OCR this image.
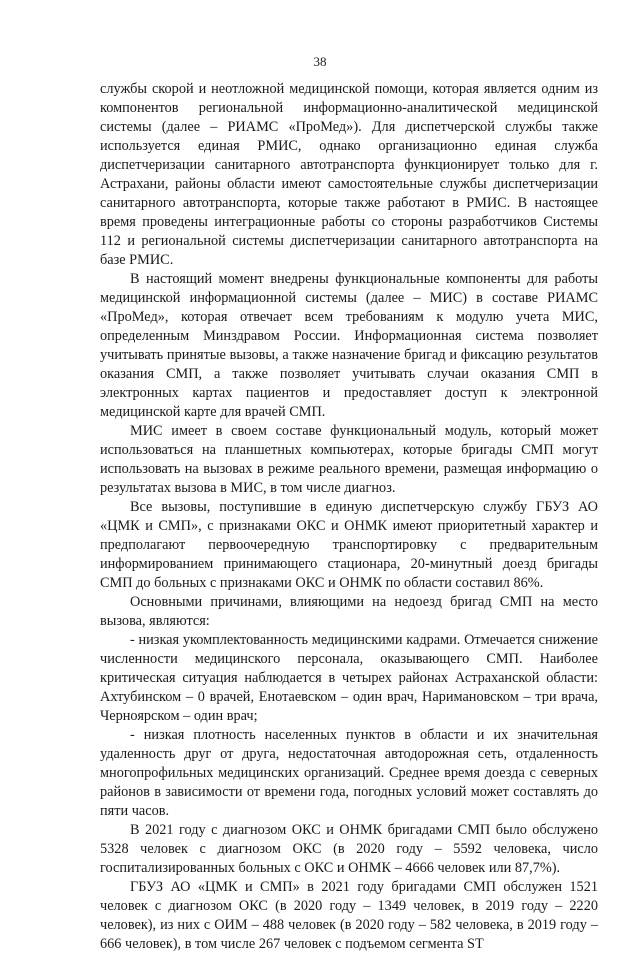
38

службы скорой и неотложной медицинской помощи, которая является одним из компонентов региональной информационно-аналитической медицинской системы (далее – РИАМС «ПроМед»). Для диспетчерской службы также используется единая РМИС, однако организационно единая служба диспетчеризации санитарного автотранспорта функционирует только для г. Астрахани, районы области имеют самостоятельные службы диспетчеризации санитарного автотранспорта, которые также работают в РМИС. В настоящее время проведены интеграционные работы со стороны разработчиков Системы 112 и региональной системы диспетчеризации санитарного автотранспорта на базе РМИС.

В настоящий момент внедрены функциональные компоненты для работы медицинской информационной системы (далее – МИС) в составе РИАМС «ПроМед», которая отвечает всем требованиям к модулю учета МИС, определенным Минздравом России. Информационная система позволяет учитывать принятые вызовы, а также назначение бригад и фиксацию результатов оказания СМП, а также позволяет учитывать случаи оказания СМП в электронных картах пациентов и предоставляет доступ к электронной медицинской карте для врачей СМП.

МИС имеет в своем составе функциональный модуль, который может использоваться на планшетных компьютерах, которые бригады СМП могут использовать на вызовах в режиме реального времени, размещая информацию о результатах вызова в МИС, в том числе диагноз.

Все вызовы, поступившие в единую диспетчерскую службу ГБУЗ АО «ЦМК и СМП», с признаками ОКС и ОНМК имеют приоритетный характер и предполагают первоочередную транспортировку с предварительным информированием принимающего стационара, 20-минутный доезд бригады СМП до больных с признаками ОКС и ОНМК по области составил 86%.

Основными причинами, влияющими на недоезд бригад СМП на место вызова, являются:

- низкая укомплектованность медицинскими кадрами. Отмечается снижение численности медицинского персонала, оказывающего СМП. Наиболее критическая ситуация наблюдается в четырех районах Астраханской области: Ахтубинском – 0 врачей, Енотаевском – один врач, Наримановском – три врача, Черноярском – один врач;

- низкая плотность населенных пунктов в области и их значительная удаленность друг от друга, недостаточная автодорожная сеть, отдаленность многопрофильных медицинских организаций. Среднее время доезда с северных районов в зависимости от времени года, погодных условий может составлять до пяти часов.

В 2021 году с диагнозом ОКС и ОНМК бригадами СМП было обслужено 5328 человек с диагнозом ОКС (в 2020 году – 5592 человека, число госпитализированных больных с ОКС и ОНМК – 4666 человек или 87,7%).

ГБУЗ АО «ЦМК и СМП» в 2021 году бригадами СМП обслужен 1521 человек с диагнозом ОКС (в 2020 году – 1349 человек, в 2019 году – 2220 человек), из них с ОИМ – 488 человек (в 2020 году – 582 человека, в 2019 году – 666 человек), в том числе 267 человек с подъемом сегмента ST
